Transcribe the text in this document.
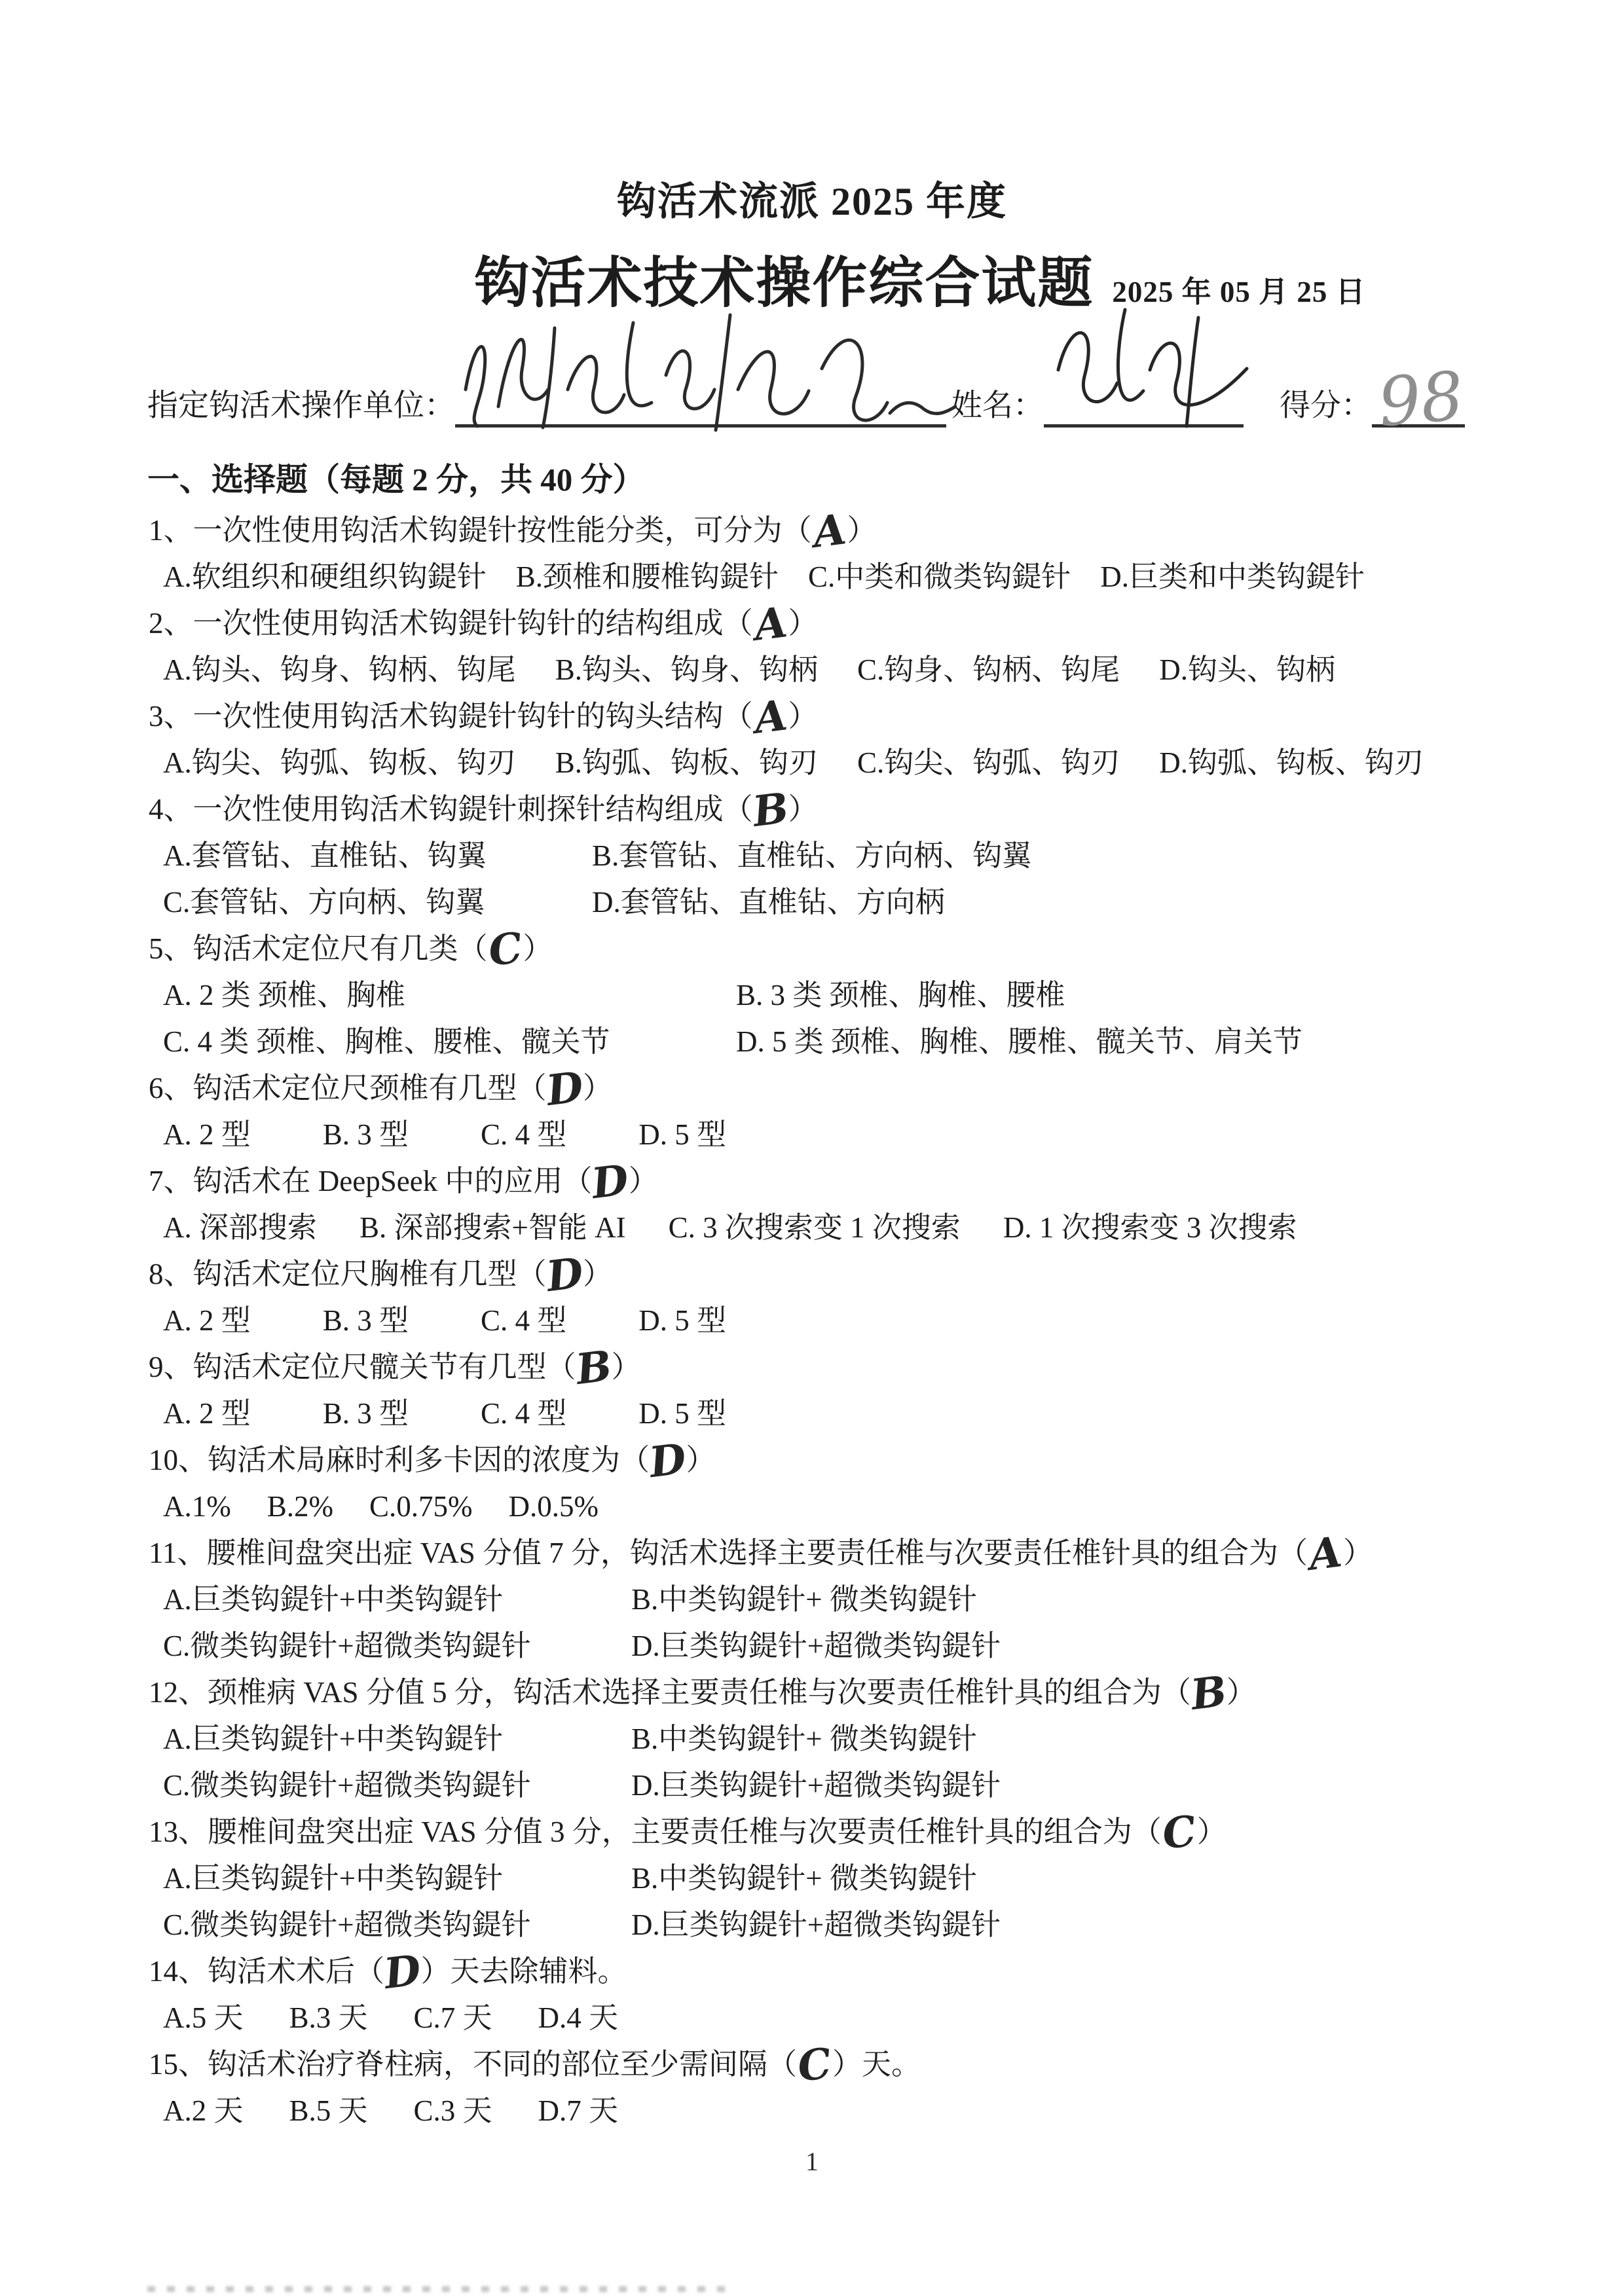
钩活术流派 2025 年度
钩活术技术操作综合试题 2025 年 05 月 25 日
指定钩活术操作单位：	姓名：	得分： 98
一、选择题（每题 2 分，共 40 分）
1、一次性使用钩活术钩鍉针按性能分类，可分为（A）
A.软组织和硬组织钩鍉针 B.颈椎和腰椎钩鍉针 C.中类和微类钩鍉针 D.巨类和中类钩鍉针
2、一次性使用钩活术钩鍉针钩针的结构组成（A）
A.钩头、钩身、钩柄、钩尾 B.钩头、钩身、钩柄 C.钩身、钩柄、钩尾 D.钩头、钩柄
3、一次性使用钩活术钩鍉针钩针的钩头结构（A）
A.钩尖、钩弧、钩板、钩刃 B.钩弧、钩板、钩刃 C.钩尖、钩弧、钩刃 D.钩弧、钩板、钩刃
4、一次性使用钩活术钩鍉针刺探针结构组成（B）
A.套管钻、直椎钻、钩翼	B.套管钻、直椎钻、方向柄、钩翼
C.套管钻、方向柄、钩翼	D.套管钻、直椎钻、方向柄
5、钩活术定位尺有几类（C）
A. 2 类 颈椎、胸椎	B. 3 类 颈椎、胸椎、腰椎
C. 4 类 颈椎、胸椎、腰椎、髋关节	D. 5 类 颈椎、胸椎、腰椎、髋关节、肩关节
6、钩活术定位尺颈椎有几型（D）
A. 2 型 B. 3 型 C. 4 型 D. 5 型
7、钩活术在 DeepSeek 中的应用（D）
A. 深部搜索 B. 深部搜索+智能 AI C. 3 次搜索变 1 次搜索 D. 1 次搜索变 3 次搜索
8、钩活术定位尺胸椎有几型（D）
A. 2 型 B. 3 型 C. 4 型 D. 5 型
9、钩活术定位尺髋关节有几型（B）
A. 2 型 B. 3 型 C. 4 型 D. 5 型
10、钩活术局麻时利多卡因的浓度为（D）
A.1% B.2% C.0.75% D.0.5%
11、腰椎间盘突出症 VAS 分值 7 分，钩活术选择主要责任椎与次要责任椎针具的组合为（A）
A.巨类钩鍉针+中类钩鍉针	B.中类钩鍉针+ 微类钩鍉针
C.微类钩鍉针+超微类钩鍉针	D.巨类钩鍉针+超微类钩鍉针
12、颈椎病 VAS 分值 5 分，钩活术选择主要责任椎与次要责任椎针具的组合为（B）
A.巨类钩鍉针+中类钩鍉针	B.中类钩鍉针+ 微类钩鍉针
C.微类钩鍉针+超微类钩鍉针	D.巨类钩鍉针+超微类钩鍉针
13、腰椎间盘突出症 VAS 分值 3 分，主要责任椎与次要责任椎针具的组合为（C）
A.巨类钩鍉针+中类钩鍉针	B.中类钩鍉针+ 微类钩鍉针
C.微类钩鍉针+超微类钩鍉针	D.巨类钩鍉针+超微类钩鍉针
14、钩活术术后（D）天去除辅料。
A.5 天 B.3 天 C.7 天 D.4 天
15、钩活术治疗脊柱病，不同的部位至少需间隔（C）天。
A.2 天 B.5 天 C.3 天 D.7 天
1
